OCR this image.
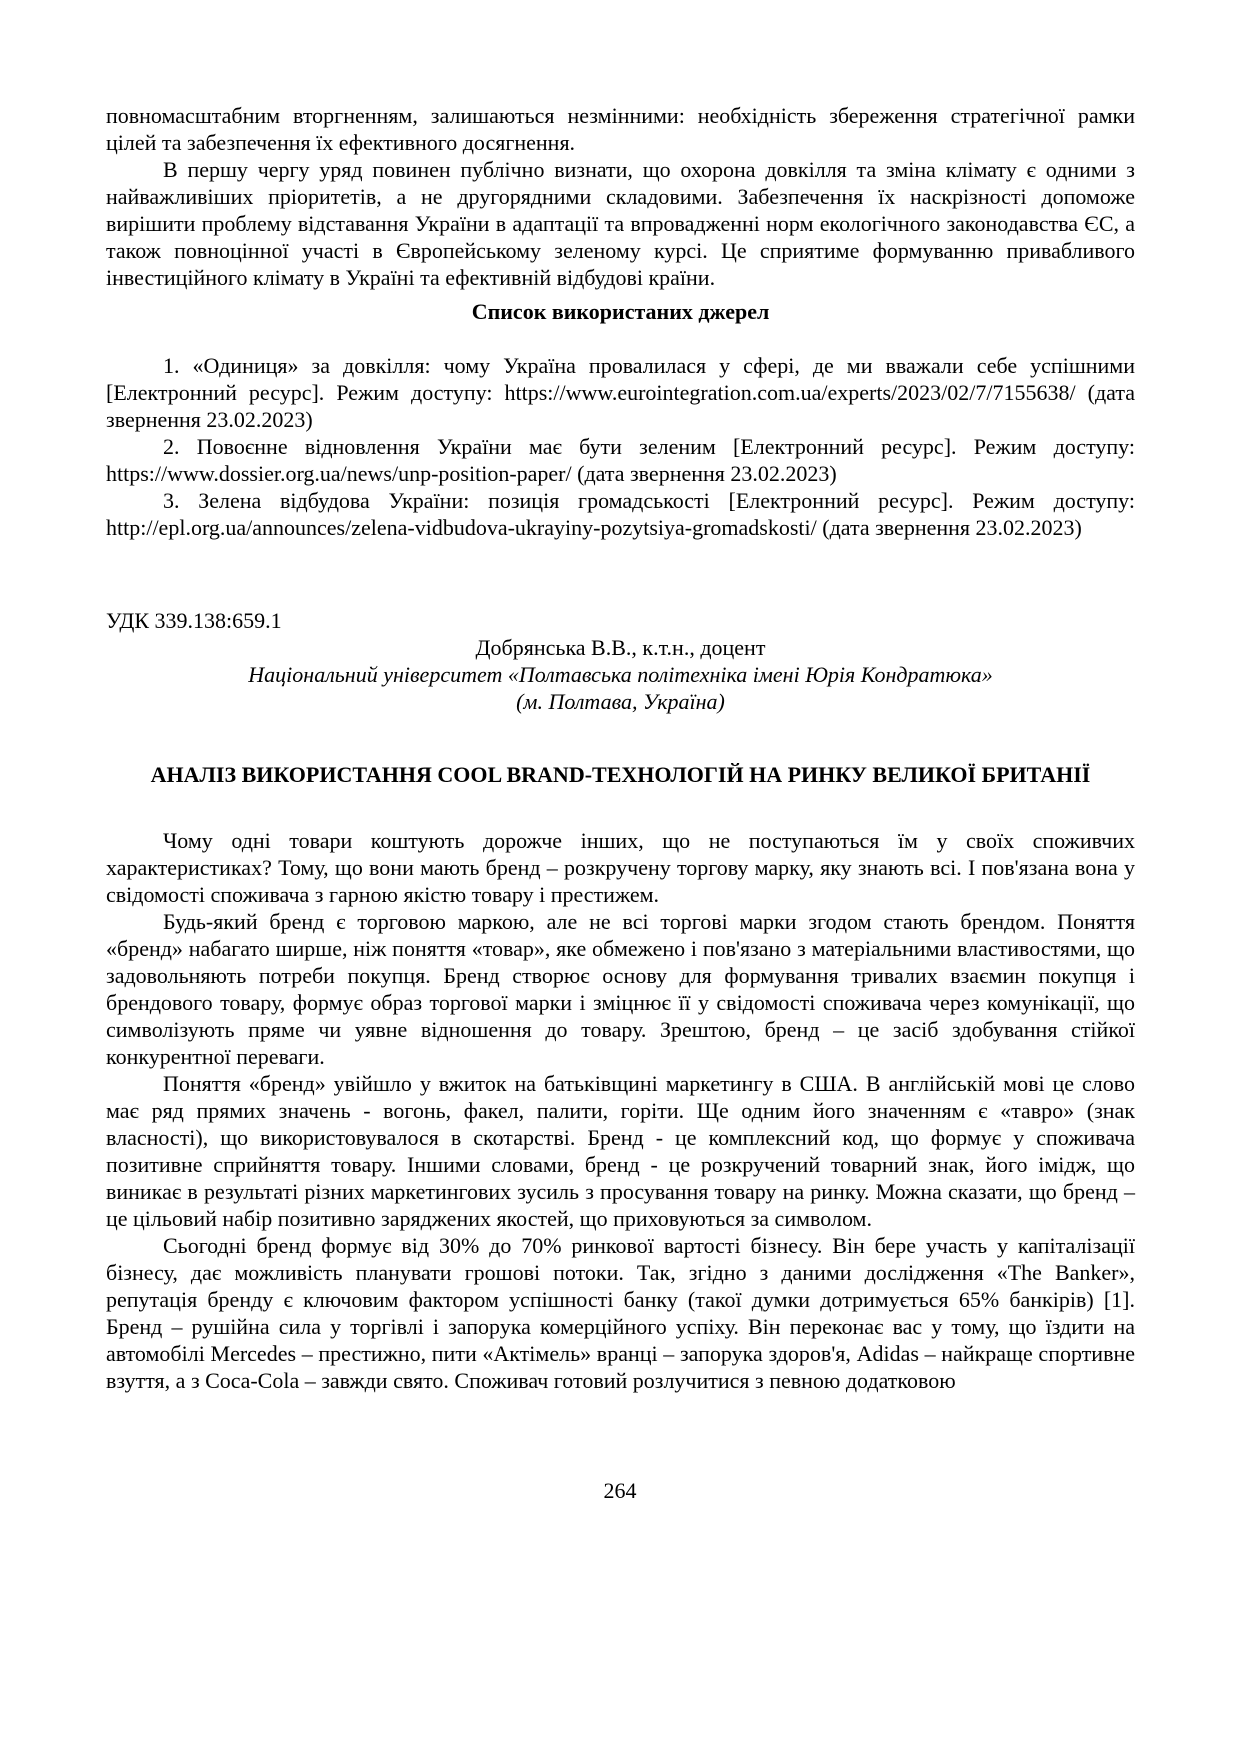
повномасштабним вторгненням, залишаються незмінними: необхідність збереження стратегічної рамки цілей та забезпечення їх ефективного досягнення.

В першу чергу уряд повинен публічно визнати, що охорона довкілля та зміна клімату є одними з найважливіших пріоритетів, а не другорядними складовими. Забезпечення їх наскрізності допоможе вирішити проблему відставання України в адаптації та впровадженні норм екологічного законодавства ЄС, а також повноцінної участі в Європейському зеленому курсі. Це сприятиме формуванню привабливого інвестиційного клімату в Україні та ефективній відбудові країни.

Список використаних джерел

1. «Одиниця» за довкілля: чому Україна провалилася у сфері, де ми вважали себе успішними [Електронний ресурс]. Режим доступу: https://www.eurointegration.com.ua/experts/2023/02/7/7155638/ (дата звернення 23.02.2023)

2. Повоєнне відновлення України має бути зеленим [Електронний ресурс]. Режим доступу: https://www.dossier.org.ua/news/unp-position-paper/ (дата звернення 23.02.2023)

3. Зелена відбудова України: позиція громадськості [Електронний ресурс]. Режим доступу: http://epl.org.ua/announces/zelena-vidbudova-ukrayiny-pozytsiya-gromadskosti/ (дата звернення 23.02.2023)

УДК 339.138:659.1

Добрянська В.В., к.т.н., доцент

Національний університет «Полтавська політехніка імені Юрія Кондратюка»

(м. Полтава, Україна)

АНАЛІЗ ВИКОРИСТАННЯ COOL BRAND-ТЕХНОЛОГІЙ НА РИНКУ ВЕЛИКОЇ БРИТАНІЇ

Чому одні товари коштують дорожче інших, що не поступаються їм у своїх споживчих характеристиках? Тому, що вони мають бренд – розкручену торгову марку, яку знають всі. І пов'язана вона у свідомості споживача з гарною якістю товару і престижем.

Будь-який бренд є торговою маркою, але не всі торгові марки згодом стають брендом. Поняття «бренд» набагато ширше, ніж поняття «товар», яке обмежено і пов'язано з матеріальними властивостями, що задовольняють потреби покупця. Бренд створює основу для формування тривалих взаємин покупця і брендового товару, формує образ торгової марки і зміцнює її у свідомості споживача через комунікації, що символізують пряме чи уявне відношення до товару. Зрештою, бренд – це засіб здобування стійкої конкурентної переваги.

Поняття «бренд» увійшло у вжиток на батьківщині маркетингу в США. В англійській мові це слово має ряд прямих значень - вогонь, факел, палити, горіти. Ще одним його значенням є «тавро» (знак власності), що використовувалося в скотарстві. Бренд - це комплексний код, що формує у споживача позитивне сприйняття товару. Іншими словами, бренд - це розкручений товарний знак, його імідж, що виникає в результаті різних маркетингових зусиль з просування товару на ринку. Можна сказати, що бренд – це цільовий набір позитивно заряджених якостей, що приховуються за символом.

Сьогодні бренд формує від 30% до 70% ринкової вартості бізнесу. Він бере участь у капіталізації бізнесу, дає можливість планувати грошові потоки. Так, згідно з даними дослідження «The Banker», репутація бренду є ключовим фактором успішності банку (такої думки дотримується 65% банкірів) [1]. Бренд – рушійна сила у торгівлі і запорука комерційного успіху. Він переконає вас у тому, що їздити на автомобілі Mercedes – престижно, пити «Актімель» вранці – запорука здоров'я, Adidas – найкраще спортивне взуття, а з Coca-Cola – завжди свято. Споживач готовий розлучитися з певною додатковою

264
